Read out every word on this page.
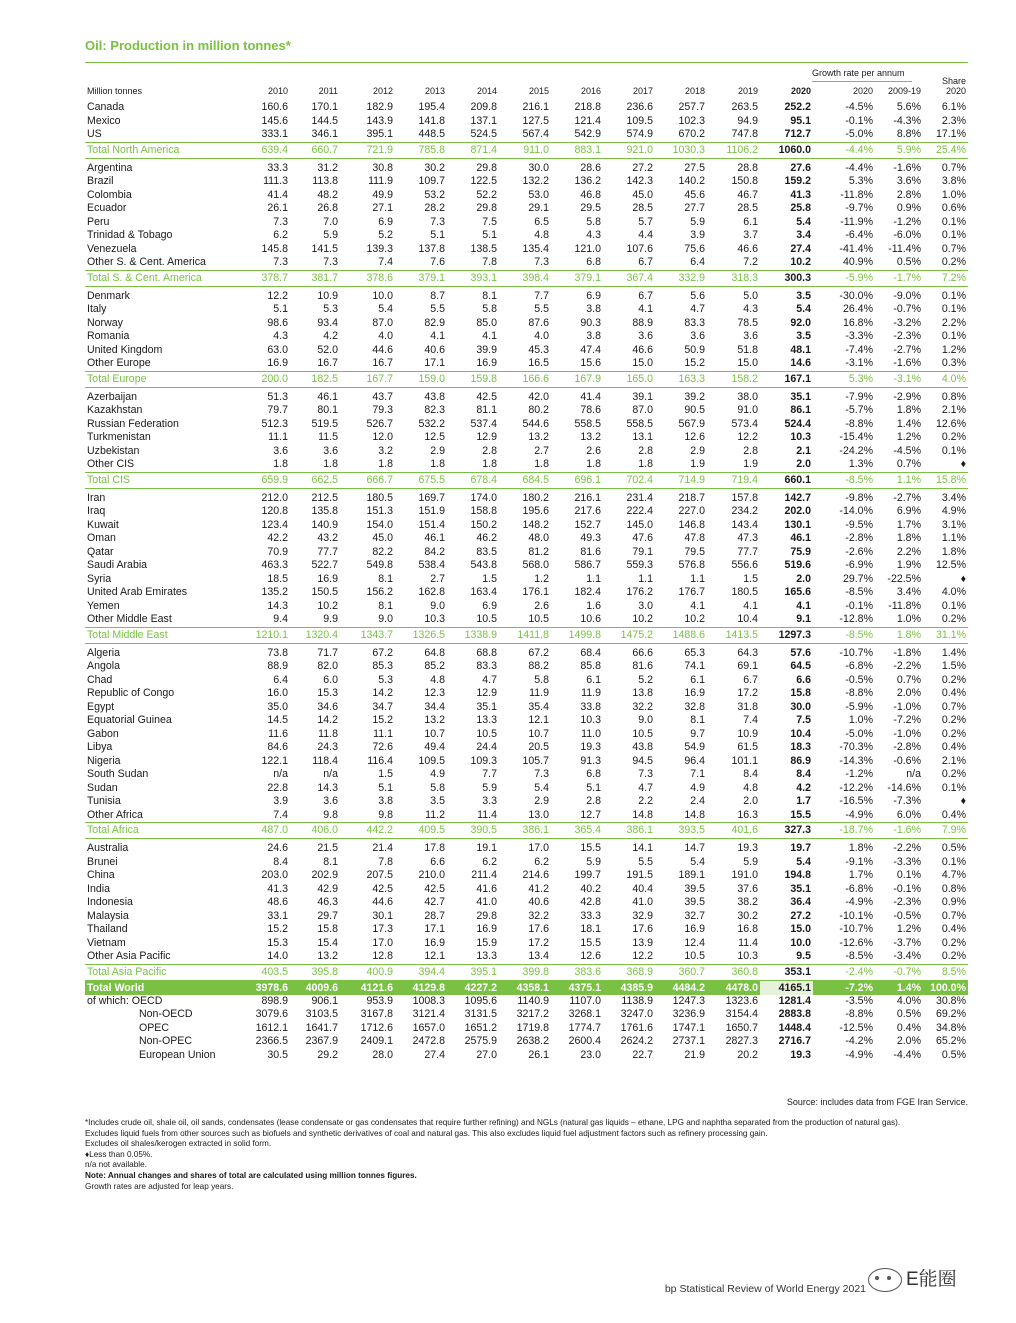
Oil: Production in million tonnes*
Growth rate per annum
Share
Million tonnes	2010	2011	2012	2013	2014	2015	2016	2017	2018	2019	2020	2020 2009-19	2020
Canada	160.6	170.1	182.9	195.4	209.8	216.1	218.8	236.6	257.7	263.5	252.2	-4.5%	5.6%	6.1%
Mexico	145.6	144.5	143.9	141.8	137.1	127.5	121.4	109.5	102.3	94.9	95.1	-0.1%	-4.3%	2.3%
US	333.1	346.1	395.1	448.5	524.5	567.4	542.9	574.9	670.2	747.8	712.7	-5.0%	8.8%	17.1%
Total North America	639.4	660.7	721.9	785.8	871.4	911.0	883.1	921.0	1030.3	1106.2	1060.0	-4.4%	5.9%	25.4%
Argentina	33.3	31.2	30.8	30.2	29.8	30.0	28.6	27.2	27.5	28.8	27.6	-4.4%	-1.6%	0.7%
Brazil	111.3	113.8	111.9	109.7	122.5	132.2	136.2	142.3	140.2	150.8	159.2	5.3%	3.6%	3.8%
Colombia	41.4	48.2	49.9	53.2	52.2	53.0	46.8	45.0	45.6	46.7	41.3	-11.8%	2.8%	1.0%
Ecuador	26.1	26.8	27.1	28.2	29.8	29.1	29.5	28.5	27.7	28.5	25.8	-9.7%	0.9%	0.6%
Peru	7.3	7.0	6.9	7.3	7.5	6.5	5.8	5.7	5.9	6.1	5.4	-11.9%	-1.2%	0.1%
Trinidad & Tobago	6.2	5.9	5.2	5.1	5.1	4.8	4.3	4.4	3.9	3.7	3.4	-6.4%	-6.0%	0.1%
Venezuela	145.8	141.5	139.3	137.8	138.5	135.4	121.0	107.6	75.6	46.6	27.4	-41.4%	-11.4%	0.7%
Other S. & Cent. America	7.3	7.3	7.4	7.6	7.8	7.3	6.8	6.7	6.4	7.2	10.2	40.9%	0.5%	0.2%
Total S. & Cent. America	378.7	381.7	378.6	379.1	393.1	398.4	379.1	367.4	332.9	318.3	300.3	-5.9%	-1.7%	7.2%
Denmark	12.2	10.9	10.0	8.7	8.1	7.7	6.9	6.7	5.6	5.0	3.5	-30.0%	-9.0%	0.1%
Italy	5.1	5.3	5.4	5.5	5.8	5.5	3.8	4.1	4.7	4.3	5.4	26.4%	-0.7%	0.1%
Norway	98.6	93.4	87.0	82.9	85.0	87.6	90.3	88.9	83.3	78.5	92.0	16.8%	-3.2%	2.2%
Romania	4.3	4.2	4.0	4.1	4.1	4.0	3.8	3.6	3.6	3.6	3.5	-3.3%	-2.3%	0.1%
United Kingdom	63.0	52.0	44.6	40.6	39.9	45.3	47.4	46.6	50.9	51.8	48.1	-7.4%	-2.7%	1.2%
Other Europe	16.9	16.7	16.7	17.1	16.9	16.5	15.6	15.0	15.2	15.0	14.6	-3.1%	-1.6%	0.3%
Total Europe	200.0	182.5	167.7	159.0	159.8	166.6	167.9	165.0	163.3	158.2	167.1	5.3%	-3.1%	4.0%
Azerbaijan	51.3	46.1	43.7	43.8	42.5	42.0	41.4	39.1	39.2	38.0	35.1	-7.9%	-2.9%	0.8%
Kazakhstan	79.7	80.1	79.3	82.3	81.1	80.2	78.6	87.0	90.5	91.0	86.1	-5.7%	1.8%	2.1%
Russian Federation	512.3	519.5	526.7	532.2	537.4	544.6	558.5	558.5	567.9	573.4	524.4	-8.8%	1.4%	12.6%
Turkmenistan	11.1	11.5	12.0	12.5	12.9	13.2	13.2	13.1	12.6	12.2	10.3	-15.4%	1.2%	0.2%
Uzbekistan	3.6	3.6	3.2	2.9	2.8	2.7	2.6	2.8	2.9	2.8	2.1	-24.2%	-4.5%	0.1%
Other CIS	1.8	1.8	1.8	1.8	1.8	1.8	1.8	1.8	1.9	1.9	2.0	1.3%	0.7%	♦
Total CIS	659.9	662.5	666.7	675.5	678.4	684.5	696.1	702.4	714.9	719.4	660.1	-8.5%	1.1%	15.8%
Iran	212.0	212.5	180.5	169.7	174.0	180.2	216.1	231.4	218.7	157.8	142.7	-9.8%	-2.7%	3.4%
Iraq	120.8	135.8	151.3	151.9	158.8	195.6	217.6	222.4	227.0	234.2	202.0	-14.0%	6.9%	4.9%
Kuwait	123.4	140.9	154.0	151.4	150.2	148.2	152.7	145.0	146.8	143.4	130.1	-9.5%	1.7%	3.1%
Oman	42.2	43.2	45.0	46.1	46.2	48.0	49.3	47.6	47.8	47.3	46.1	-2.8%	1.8%	1.1%
Qatar	70.9	77.7	82.2	84.2	83.5	81.2	81.6	79.1	79.5	77.7	75.9	-2.6%	2.2%	1.8%
Saudi Arabia	463.3	522.7	549.8	538.4	543.8	568.0	586.7	559.3	576.8	556.6	519.6	-6.9%	1.9%	12.5%
Syria	18.5	16.9	8.1	2.7	1.5	1.2	1.1	1.1	1.1	1.5	2.0	29.7%	-22.5%	♦
United Arab Emirates	135.2	150.5	156.2	162.8	163.4	176.1	182.4	176.2	176.7	180.5	165.6	-8.5%	3.4%	4.0%
Yemen	14.3	10.2	8.1	9.0	6.9	2.6	1.6	3.0	4.1	4.1	4.1	-0.1%	-11.8%	0.1%
Other Middle East	9.4	9.9	9.0	10.3	10.5	10.5	10.6	10.2	10.2	10.4	9.1	-12.8%	1.0%	0.2%
Total Middle East	1210.1	1320.4	1343.7	1326.5	1338.9	1411.8	1499.8	1475.2	1488.6	1413.5	1297.3	-8.5%	1.8%	31.1%
Algeria	73.8	71.7	67.2	64.8	68.8	67.2	68.4	66.6	65.3	64.3	57.6	-10.7%	-1.8%	1.4%
Angola	88.9	82.0	85.3	85.2	83.3	88.2	85.8	81.6	74.1	69.1	64.5	-6.8%	-2.2%	1.5%
Chad	6.4	6.0	5.3	4.8	4.7	5.8	6.1	5.2	6.1	6.7	6.6	-0.5%	0.7%	0.2%
Republic of Congo	16.0	15.3	14.2	12.3	12.9	11.9	11.9	13.8	16.9	17.2	15.8	-8.8%	2.0%	0.4%
Egypt	35.0	34.6	34.7	34.4	35.1	35.4	33.8	32.2	32.8	31.8	30.0	-5.9%	-1.0%	0.7%
Equatorial Guinea	14.5	14.2	15.2	13.2	13.3	12.1	10.3	9.0	8.1	7.4	7.5	1.0%	-7.2%	0.2%
Gabon	11.6	11.8	11.1	10.7	10.5	10.7	11.0	10.5	9.7	10.9	10.4	-5.0%	-1.0%	0.2%
Libya	84.6	24.3	72.6	49.4	24.4	20.5	19.3	43.8	54.9	61.5	18.3	-70.3%	-2.8%	0.4%
Nigeria	122.1	118.4	116.4	109.5	109.3	105.7	91.3	94.5	96.4	101.1	86.9	-14.3%	-0.6%	2.1%
South Sudan	n/a	n/a	1.5	4.9	7.7	7.3	6.8	7.3	7.1	8.4	8.4	-1.2%	n/a	0.2%
Sudan	22.8	14.3	5.1	5.8	5.9	5.4	5.1	4.7	4.9	4.8	4.2	-12.2%	-14.6%	0.1%
Tunisia	3.9	3.6	3.8	3.5	3.3	2.9	2.8	2.2	2.4	2.0	1.7	-16.5%	-7.3%	♦
Other Africa	7.4	9.8	9.8	11.2	11.4	13.0	12.7	14.8	14.8	16.3	15.5	-4.9%	6.0%	0.4%
Total Africa	487.0	406.0	442.2	409.5	390.5	386.1	365.4	386.1	393.5	401.6	327.3	-18.7%	-1.6%	7.9%
Australia	24.6	21.5	21.4	17.8	19.1	17.0	15.5	14.1	14.7	19.3	19.7	1.8%	-2.2%	0.5%
Brunei	8.4	8.1	7.8	6.6	6.2	6.2	5.9	5.5	5.4	5.9	5.4	-9.1%	-3.3%	0.1%
China	203.0	202.9	207.5	210.0	211.4	214.6	199.7	191.5	189.1	191.0	194.8	1.7%	0.1%	4.7%
India	41.3	42.9	42.5	42.5	41.6	41.2	40.2	40.4	39.5	37.6	35.1	-6.8%	-0.1%	0.8%
Indonesia	48.6	46.3	44.6	42.7	41.0	40.6	42.8	41.0	39.5	38.2	36.4	-4.9%	-2.3%	0.9%
Malaysia	33.1	29.7	30.1	28.7	29.8	32.2	33.3	32.9	32.7	30.2	27.2	-10.1%	-0.5%	0.7%
Thailand	15.2	15.8	17.3	17.1	16.9	17.6	18.1	17.6	16.9	16.8	15.0	-10.7%	1.2%	0.4%
Vietnam	15.3	15.4	17.0	16.9	15.9	17.2	15.5	13.9	12.4	11.4	10.0	-12.6%	-3.7%	0.2%
Other Asia Pacific	14.0	13.2	12.8	12.1	13.3	13.4	12.6	12.2	10.5	10.3	9.5	-8.5%	-3.4%	0.2%
Total Asia Pacific	403.5	395.8	400.9	394.4	395.1	399.8	383.6	368.9	360.7	360.8	353.1	-2.4%	-0.7%	8.5%
Total World	3978.6	4009.6	4121.6	4129.8	4227.2	4358.1	4375.1	4385.9	4484.2	4478.0	4165.1	-7.2%	1.4%	100.0%
of which: OECD	898.9	906.1	953.9	1008.3	1095.6	1140.9	1107.0	1138.9	1247.3	1323.6	1281.4	-3.5%	4.0%	30.8%
Non-OECD	3079.6	3103.5	3167.8	3121.4	3131.5	3217.2	3268.1	3247.0	3236.9	3154.4	2883.8	-8.8%	0.5%	69.2%
OPEC	1612.1	1641.7	1712.6	1657.0	1651.2	1719.8	1774.7	1761.6	1747.1	1650.7	1448.4	-12.5%	0.4%	34.8%
Non-OPEC	2366.5	2367.9	2409.1	2472.8	2575.9	2638.2	2600.4	2624.2	2737.1	2827.3	2716.7	-4.2%	2.0%	65.2%
European Union	30.5	29.2	28.0	27.4	27.0	26.1	23.0	22.7	21.9	20.2	19.3	-4.9%	-4.4%	0.5%
Source: includes data from FGE Iran Service.

*Includes crude oil, shale oil, oil sands, condensates (lease condensate or gas condensates that require further refining) and NGLs (natural gas liquids – ethane, LPG and naphtha separated from the production of natural gas).

Excludes liquid fuels from other sources such as biofuels and synthetic derivatives of coal and natural gas. This also excludes liquid fuel adjustment factors such as refinery processing gain.

Excludes oil shales/kerogen extracted in solid form.

♦Less than 0.05%.

n/a not available.

Note: Annual changes and shares of total are calculated using million tonnes figures.

Growth rates are adjusted for leap years.

bp Statistical Review of World Energy 2021	E能圈
